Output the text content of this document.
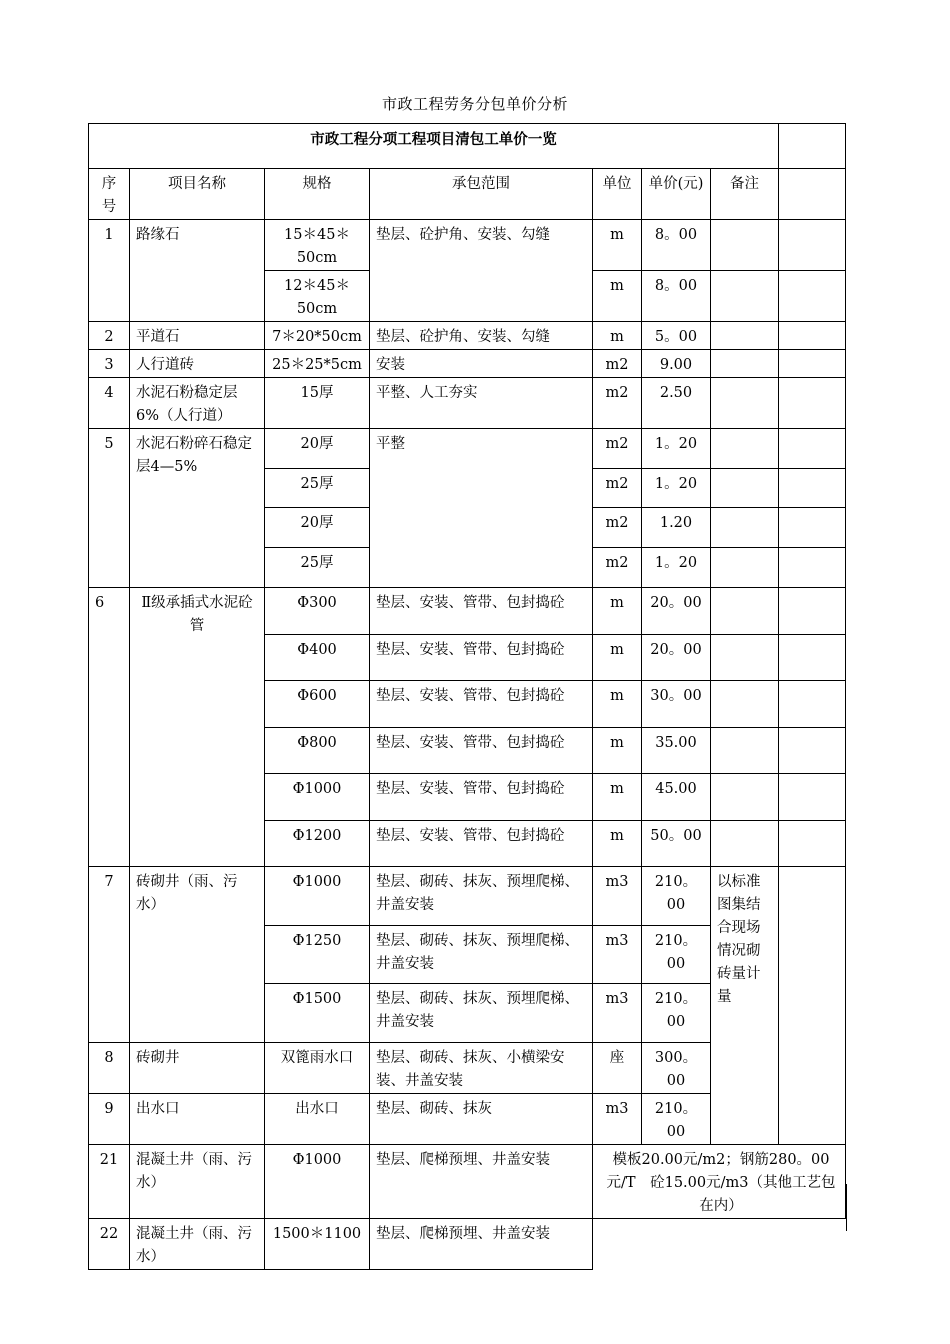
市政工程劳务分包单价分析
市政工程分项工程项目清包工单价一览							
序号	项目名称	规格	承包范围	单位	单价(元)	备注	
1	路缘石	15＊45＊50cm	垫层、砼护角、安装、勾缝	m	8。00		
		12＊45＊50cm		m	8。00		
2	平道石	7＊20*50cm	垫层、砼护角、安装、勾缝	m	5。00		
3	人行道砖	25＊25*5cm	安装	m2	9.00		
4	水泥石粉稳定层6%（人行道）	15厚	平整、人工夯实	m2	2.50		
5	水泥石粉碎石稳定层4—5%	20厚	平整	m2	1。20		
		25厚		m2	1。20		
		20厚		m2	1.20		
		25厚		m2	1。20		
6	Ⅱ级承插式水泥砼管	Φ300	垫层、安装、管带、包封捣砼	m	20。00		
		Φ400	垫层、安装、管带、包封捣砼	m	20。00		
		Φ600	垫层、安装、管带、包封捣砼	m	30。00		
		Φ800	垫层、安装、管带、包封捣砼	m	35.00		
		Φ1000	垫层、安装、管带、包封捣砼	m	45.00		
		Φ1200	垫层、安装、管带、包封捣砼	m	50。00		
7	砖砌井（雨、污水）	Φ1000	垫层、砌砖、抹灰、预埋爬梯、井盖安装	m3	210。00	以标准图集结合现场情况砌砖量计量	
		Φ1250	垫层、砌砖、抹灰、预埋爬梯、井盖安装	m3	210。00		
		Φ1500	垫层、砌砖、抹灰、预埋爬梯、井盖安装	m3	210。00		
8	砖砌井	双篦雨水口	垫层、砌砖、抹灰、小横梁安装、井盖安装	座	300。00		
9	出水口	出水口	垫层、砌砖、抹灰	m3	210。00		
21	混凝土井（雨、污水）	Φ1000	垫层、爬梯预埋、井盖安装	模板20.00元/m2；钢筋280。00元/T　砼15.00元/m3（其他工艺包在内）			
22	混凝土井（雨、污水）	1500＊1100	垫层、爬梯预埋、井盖安装				
